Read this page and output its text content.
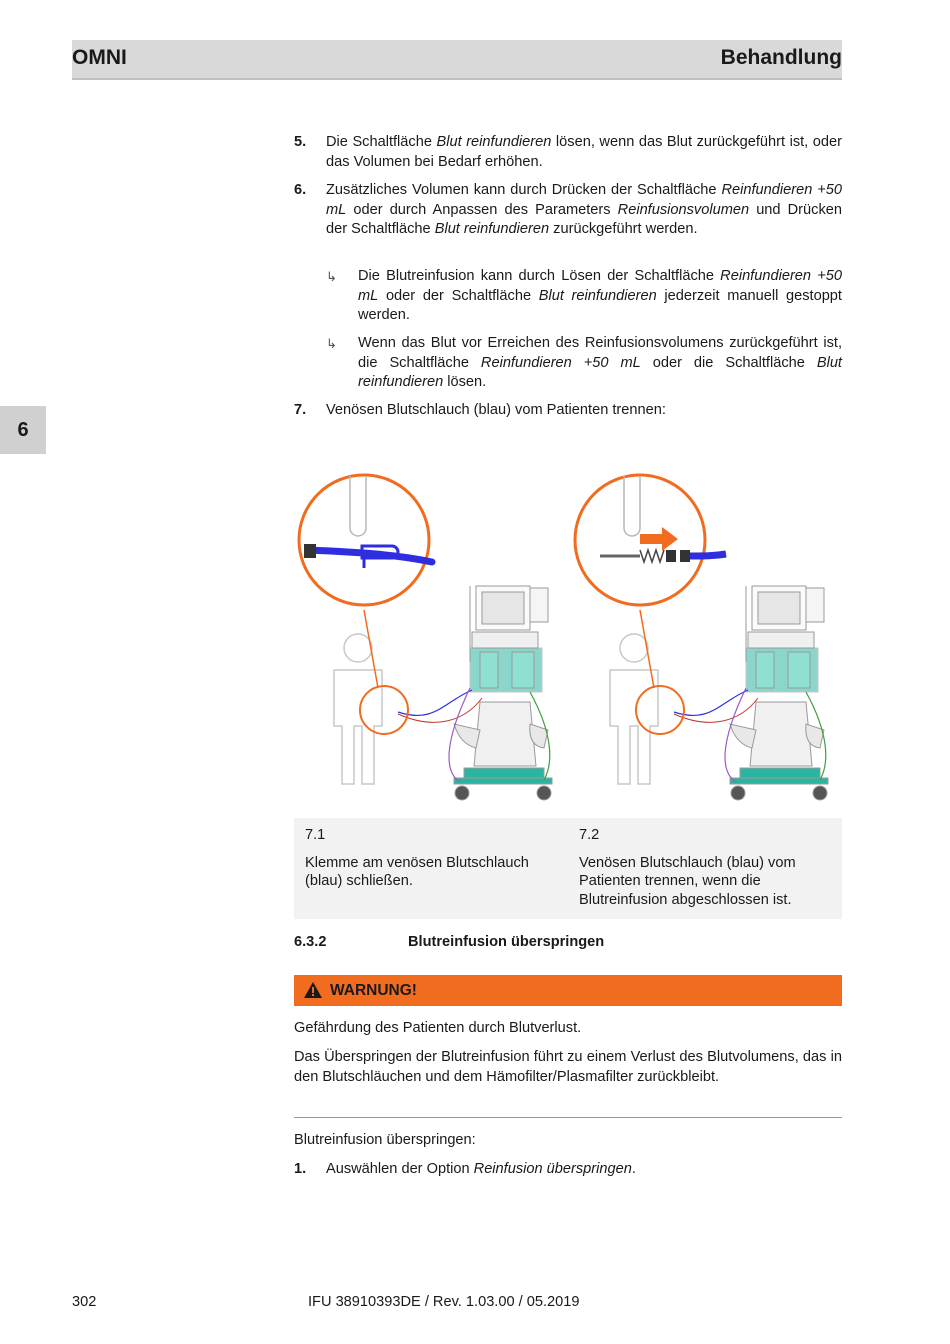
OMNI	Behandlung
6
5. Die Schaltfläche Blut reinfundieren lösen, wenn das Blut zurückgeführt ist, oder das Volumen bei Bedarf erhöhen.
6. Zusätzliches Volumen kann durch Drücken der Schaltfläche Reinfundieren +50 mL oder durch Anpassen des Parameters Reinfusionsvolumen und Drücken der Schaltfläche Blut reinfundieren zurückgeführt werden.
↳ Die Blutreinfusion kann durch Lösen der Schaltfläche Reinfundieren +50 mL oder der Schaltfläche Blut reinfundieren jederzeit manuell gestoppt werden.
↳ Wenn das Blut vor Erreichen des Reinfusionsvolumens zurückgeführt ist, die Schaltfläche Reinfundieren +50 mL oder die Schaltfläche Blut reinfundieren lösen.
7. Venösen Blutschlauch (blau) vom Patienten trennen:
7.1
Klemme am venösen Blutschlauch (blau) schließen.
7.2
Venösen Blutschlauch (blau) vom Patienten trennen, wenn die Blutreinfusion abgeschlossen ist.
6.3.2	Blutreinfusion überspringen
WARNUNG!
Gefährdung des Patienten durch Blutverlust.
Das Überspringen der Blutreinfusion führt zu einem Verlust des Blutvolumens, das in den Blutschläuchen und dem Hämofilter/Plasmafilter zurückbleibt.
Blutreinfusion überspringen:
1. Auswählen der Option Reinfusion überspringen.
302	IFU 38910393DE / Rev. 1.03.00 / 05.2019
